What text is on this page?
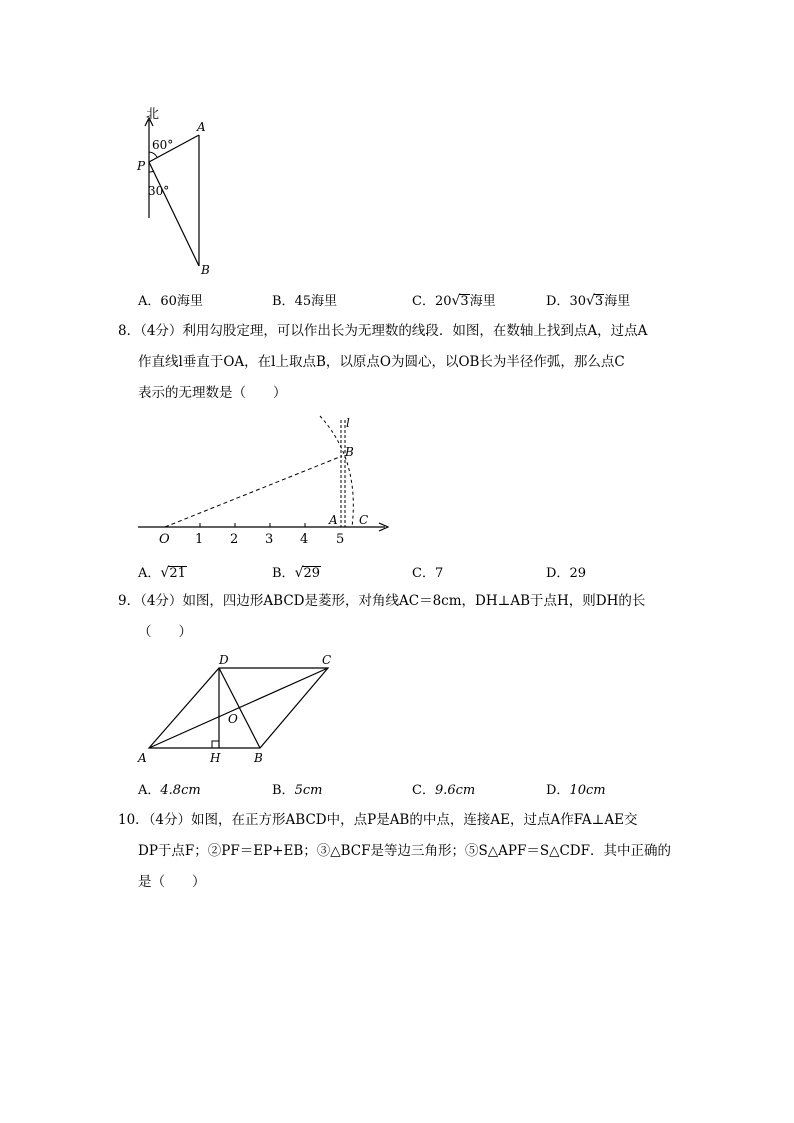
北
A
60°
P
30°
B
A．60海里	B．45海里	C．20√3海里	D．30√3海里
8．（4分）利用勾股定理，可以作出长为无理数的线段．如图，在数轴上找到点A，过点A
作直线l垂直于OA，在l上取点B，以原点O为圆心，以OB长为半径作弧，那么点C
表示的无理数是（　　）
l
B
A C
O 1 2 3 4 5
A．√21	B．√29	C．7	D．29
9．（4分）如图，四边形ABCD是菱形，对角线AC＝8cm，DH⊥AB于点H，则DH的长
（　　）
D	C
O
A	H	B
A．4.8cm	B．5cm	C．9.6cm	D．10cm
10．（4分）如图，在正方形ABCD中，点P是AB的中点，连接AE，过点A作FA⊥AE交
DP于点F；②PF＝EP+EB；③△BCF是等边三角形；⑤S△APF＝S△CDF．其中正确的
是（　　）
